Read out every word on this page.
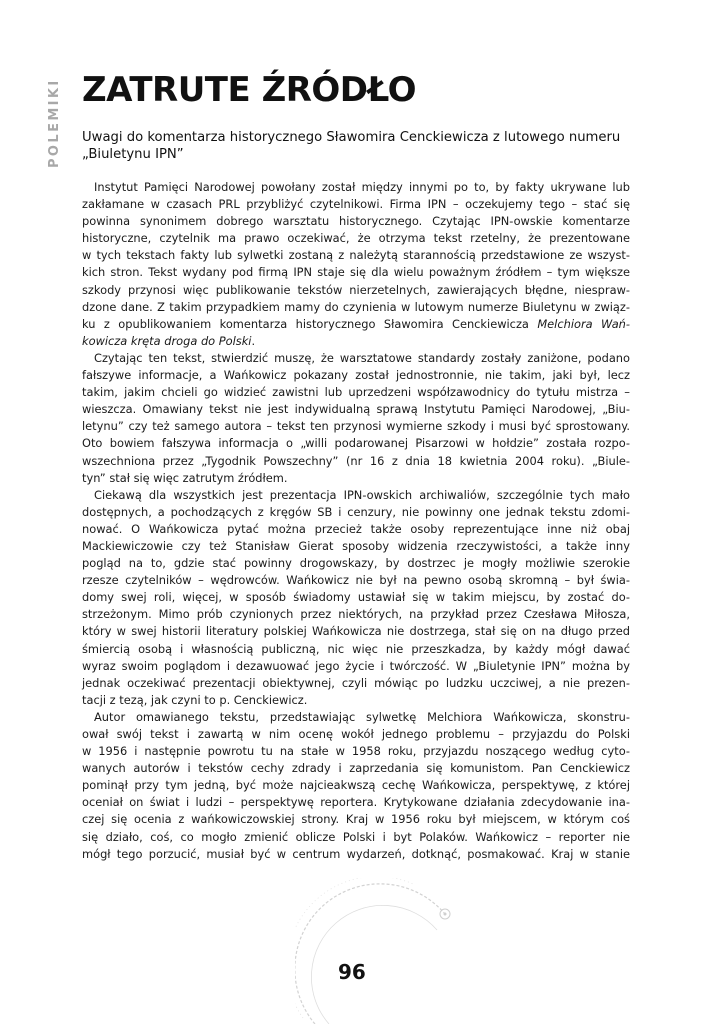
POLEMIKI ZATRUTE ŹRÓDŁO
Uwagi do komentarza historycznego Sławomira Cenckiewicza z lutowego numeru
„Biuletynu IPN”
Instytut Pamięci Narodowej powołany został między innymi po to, by fakty ukrywane lub
zakłamane w czasach PRL przybliżyć czytelnikowi. Firma IPN – oczekujemy tego – stać się
powinna synonimem dobrego warsztatu historycznego. Czytając IPN-owskie komentarze
historyczne, czytelnik ma prawo oczekiwać, że otrzyma tekst rzetelny, że prezentowane
w tych tekstach fakty lub sylwetki zostaną z należytą starannością przedstawione ze wszyst-
kich stron. Tekst wydany pod firmą IPN staje się dla wielu poważnym źródłem – tym większe
szkody przynosi więc publikowanie tekstów nierzetelnych, zawierających błędne, niespraw-
dzone dane. Z takim przypadkiem mamy do czynienia w lutowym numerze Biuletynu w związ-
ku z opublikowaniem komentarza historycznego Sławomira Cenckiewicza Melchiora Wań-
kowicza kręta droga do Polski.
Czytając ten tekst, stwierdzić muszę, że warsztatowe standardy zostały zaniżone, podano
fałszywe informacje, a Wańkowicz pokazany został jednostronnie, nie takim, jaki był, lecz
takim, jakim chcieli go widzieć zawistni lub uprzedzeni współzawodnicy do tytułu mistrza –
wieszcza. Omawiany tekst nie jest indywidualną sprawą Instytutu Pamięci Narodowej, „Biu-
letynu” czy też samego autora – tekst ten przynosi wymierne szkody i musi być sprostowany.
Oto bowiem fałszywa informacja o „willi podarowanej Pisarzowi w hołdzie” została rozpo-
wszechniona przez „Tygodnik Powszechny” (nr 16 z dnia 18 kwietnia 2004 roku). „Biule-
tyn” stał się więc zatrutym źródłem.
Ciekawą dla wszystkich jest prezentacja IPN-owskich archiwaliów, szczególnie tych mało
dostępnych, a pochodzących z kręgów SB i cenzury, nie powinny one jednak tekstu zdomi-
nować. O Wańkowicza pytać można przecież także osoby reprezentujące inne niż obaj
Mackiewiczowie czy też Stanisław Gierat sposoby widzenia rzeczywistości, a także inny
pogląd na to, gdzie stać powinny drogowskazy, by dostrzec je mogły możliwie szerokie
rzesze czytelników – wędrowców. Wańkowicz nie był na pewno osobą skromną – był świa-
domy swej roli, więcej, w sposób świadomy ustawiał się w takim miejscu, by zostać do-
strzeżonym. Mimo prób czynionych przez niektórych, na przykład przez Czesława Miłosza,
który w swej historii literatury polskiej Wańkowicza nie dostrzega, stał się on na długo przed
śmiercią osobą i własnością publiczną, nic więc nie przeszkadza, by każdy mógł dawać
wyraz swoim poglądom i dezawuować jego życie i twórczość. W „Biuletynie IPN” można by
jednak oczekiwać prezentacji obiektywnej, czyli mówiąc po ludzku uczciwej, a nie prezen-
tacji z tezą, jak czyni to p. Cenckiewicz.
Autor omawianego tekstu, przedstawiając sylwetkę Melchiora Wańkowicza, skonstru-
ował swój tekst i zawartą w nim ocenę wokół jednego problemu – przyjazdu do Polski
w 1956 i następnie powrotu tu na stałe w 1958 roku, przyjazdu noszącego według cyto-
wanych autorów i tekstów cechy zdrady i zaprzedania się komunistom. Pan Cenckiewicz
pominął przy tym jedną, być może najcieakwszą cechę Wańkowicza, perspektywę, z której
oceniał on świat i ludzi – perspektywę reportera. Krytykowane działania zdecydowanie ina-
czej się ocenia z wańkowiczowskiej strony. Kraj w 1956 roku był miejscem, w którym coś
się działo, coś, co mogło zmienić oblicze Polski i byt Polaków. Wańkowicz – reporter nie
mógł tego porzucić, musiał być w centrum wydarzeń, dotknąć, posmakować. Kraj w stanie
96
